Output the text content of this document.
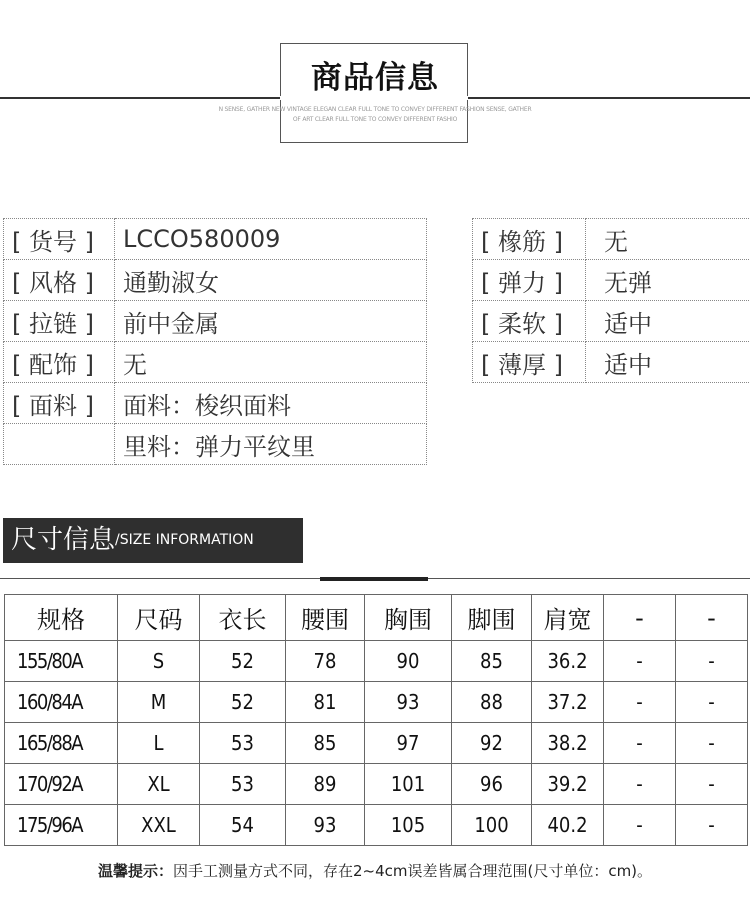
商品信息
N SENSE, GATHER NEW VINTAGE ELEGAN CLEAR FULL TONE TO CONVEY DIFFERENT FASHION SENSE, GATHER
OF ART CLEAR FULL TONE TO CONVEY DIFFERENT FASHIO
[ 货号 ]	LCCO580009
[ 风格 ]	通勤淑女
[ 拉链 ]	前中金属
[ 配饰 ]	无
[ 面料 ]	面料：梭织面料
	里料：弹力平纹里
[ 橡筋 ]	无
[ 弹力 ]	无弹
[ 柔软 ]	适中
[ 薄厚 ]	适中
尺寸信息/SIZE INFORMATION
规格	尺码	衣长	腰围	胸围	脚围	肩宽	-	-
155/80A	S	52	78	90	85	36.2	-	-
160/84A	M	52	81	93	88	37.2	-	-
165/88A	L	53	85	97	92	38.2	-	-
170/92A	XL	53	89	101	96	39.2	-	-
175/96A	XXL	54	93	105	100	40.2	-	-
温馨提示：因手工测量方式不同，存在2~4cm误差皆属合理范围(尺寸单位：cm)。
